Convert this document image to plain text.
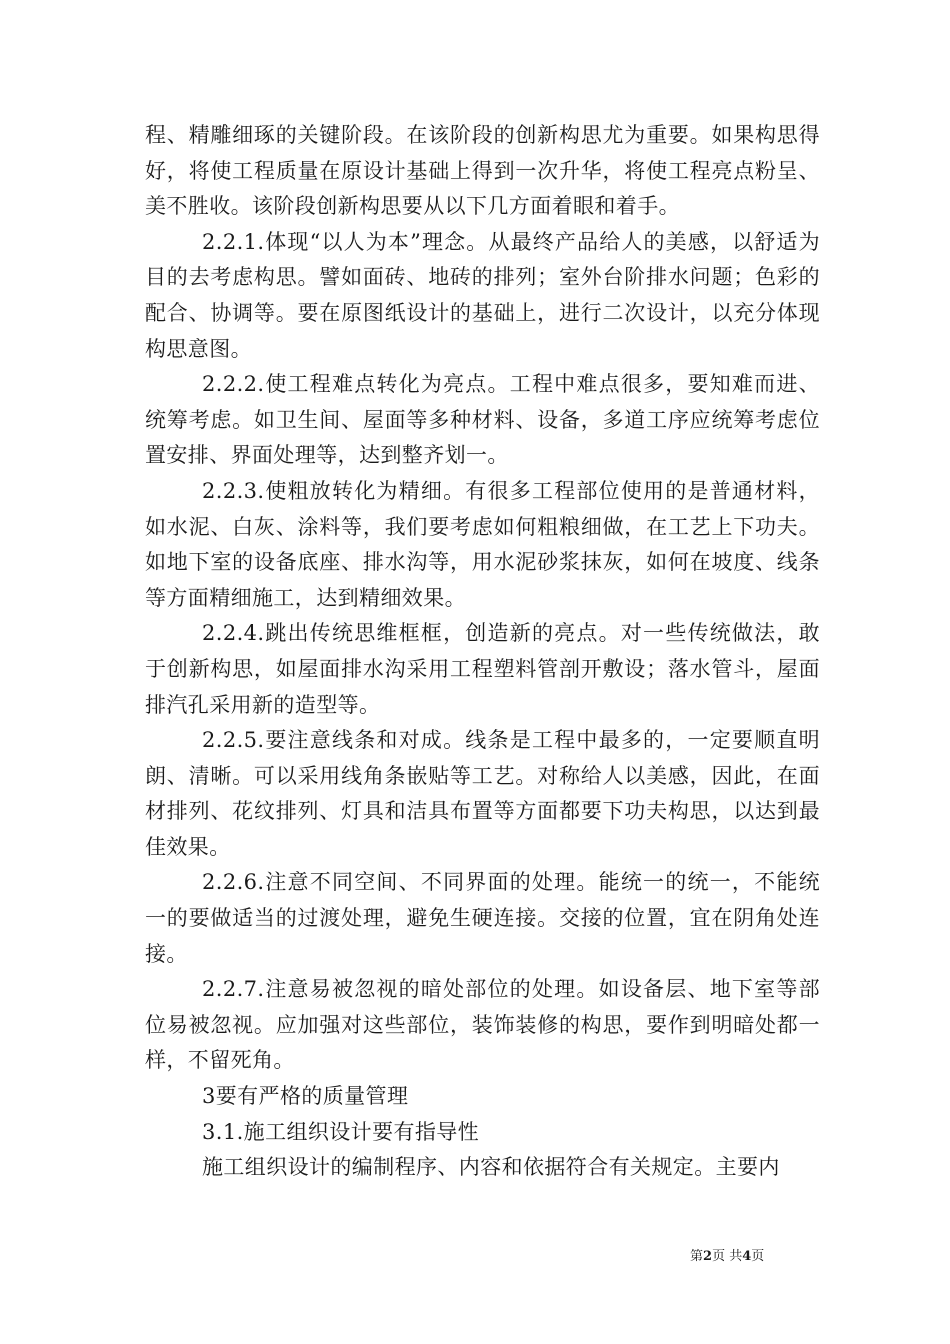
程、精雕细琢的关键阶段。在该阶段的创新构思尤为重要。如果构思得好，将使工程质量在原设计基础上得到一次升华，将使工程亮点粉呈、美不胜收。该阶段创新构思要从以下几方面着眼和着手。

2.2.1.体现“以人为本”理念。从最终产品给人的美感，以舒适为目的去考虑构思。譬如面砖、地砖的排列；室外台阶排水问题；色彩的配合、协调等。要在原图纸设计的基础上，进行二次设计，以充分体现构思意图。

2.2.2.使工程难点转化为亮点。工程中难点很多，要知难而进、统筹考虑。如卫生间、屋面等多种材料、设备，多道工序应统筹考虑位置安排、界面处理等，达到整齐划一。

2.2.3.使粗放转化为精细。有很多工程部位使用的是普通材料，如水泥、白灰、涂料等，我们要考虑如何粗粮细做，在工艺上下功夫。如地下室的设备底座、排水沟等，用水泥砂浆抹灰，如何在坡度、线条等方面精细施工，达到精细效果。

2.2.4.跳出传统思维框框，创造新的亮点。对一些传统做法，敢于创新构思，如屋面排水沟采用工程塑料管剖开敷设；落水管斗，屋面排汽孔采用新的造型等。

2.2.5.要注意线条和对成。线条是工程中最多的，一定要顺直明朗、清晰。可以采用线角条嵌贴等工艺。对称给人以美感，因此，在面材排列、花纹排列、灯具和洁具布置等方面都要下功夫构思，以达到最佳效果。

2.2.6.注意不同空间、不同界面的处理。能统一的统一，不能统一的要做适当的过渡处理，避免生硬连接。交接的位置，宜在阴角处连接。

2.2.7.注意易被忽视的暗处部位的处理。如设备层、地下室等部位易被忽视。应加强对这些部位，装饰装修的构思，要作到明暗处都一样，不留死角。

3要有严格的质量管理

3.1.施工组织设计要有指导性

施工组织设计的编制程序、内容和依据符合有关规定。主要内

第2页 共4页
